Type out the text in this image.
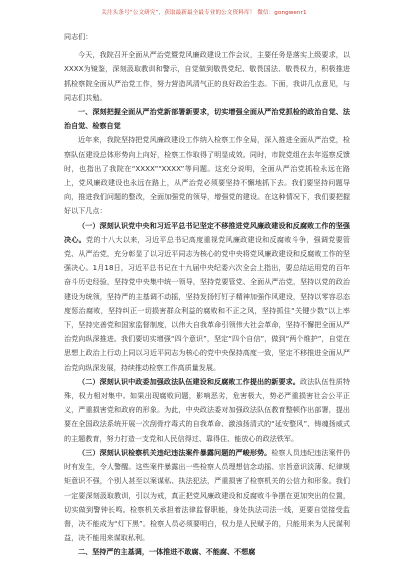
关注头条号“公文研究”，获取最新最全最专业的公文资料库！ 微信：gongwenr1

同志们：

今天，我院召开全面从严治党暨党风廉政建设工作会议，主要任务是落实上级要求，以XXXX为镜鉴，深刻汲取教训和警示，自觉做到敬畏党纪、敬畏国法、敬畏权力，积极推进抓检察院全面从严治党工作，努力营造风清气正的良好政治生态。下面，我讲几点意见，与同志们共勉。

一、深刻把握全面从严治党新部署新要求，切实增强全面从严治党抓检的政治自觉、法治自觉、检察自觉

近年来，我院坚持把党风廉政建设工作纳入检察工作全局，深入推进全面从严治党，检察队伍建设总体形势向上向好，检察工作取得了明显成效。同时，市院党组在去年巡察反馈时，也指出了我院在“XXXX”“XXXX”等问题。这充分说明，全面从严治党抓检永远在路上，党风廉政建设也永远在路上，从严治党必须要坚持不懈地抓下去。我们要坚持问题导向，推进我们问题的整改，全面加强党的领导，增强党的建设。在这种情况下，我们要把握好以下几点：

（一）深刻认识党中央和习近平总书记坚定不移推进党风廉政建设和反腐败工作的坚强决心。党的十八大以来，习近平总书记高度重视党风廉政建设和反腐败斗争，强调党要管党、从严治党，充分彰显了以习近平同志为核心的党中央将党风廉政建设和反腐败工作的坚强决心。1月18日，习近平总书记在十九届中央纪委六次全会上指出，要总结运用党的百年奋斗历史经验，坚持党中央集中统一领导，坚持党要管党、全面从严治党，坚持以党的政治建设为统领，坚持严的主基调不动摇，坚持发扬钉钉子精神加强作风建设，坚持以零容忍态度惩治腐败，坚持纠正一切损害群众利益的腐败和不正之风，坚持抓住“关键少数”以上率下，坚持完善党和国家监督制度，以伟大自我革命引领伟大社会革命，坚持不懈把全面从严治党向纵深推进。我们要切实增强“四个意识”，坚定“四个自信”，做到“两个维护”，自觉在思想上政治上行动上同以习近平同志为核心的党中央保持高度一致，坚定不移推进全面从严治党向纵深发展，持续推动检察工作高质量发展。

（二）深刻认识中政委加强政法队伍建设和反腐败工作提出的新要求。政法队伍性质特殊，权力相对集中。如果出现腐败问题，影响恶劣，危害极大，势必严重损害社会公平正义，严重损害党和政府的形象。为此，中央政法委对加强政法队伍教育整顿作出部署，提出要在全国政法系统开展一次刮骨疗毒式的自我革命、激浊扬清式的“延安整风”、铸魂扬威式的主题教育，努力打造一支党和人民信得过、靠得住、能放心的政法铁军。

（三）深刻认识检察机关违纪违法案件暴露问题的严峻形势。检察人员违纪违法案件仍时有发生，令人警醒。这些案件暴露出一些检察人员理想信念动摇、宗旨意识淡薄、纪律规矩意识不强，个别人甚至以案谋私、执法犯法，严重损害了检察机关的公信力和形象。我们一定要深刻汲取教训，引以为戒，真正把党风廉政建设和反腐败斗争摆在更加突出的位置，切实做到警钟长鸣。检察机关承担着法律监督职能，身处执法司法一线，更要自觉接受监督，决不能成为“灯下黑”。检察人员必须要明白，权力是人民赋予的，只能用来为人民谋利益，决不能用来谋取私利。

二、坚持严的主基调，一体推进不敢腐、不能腐、不想腐
